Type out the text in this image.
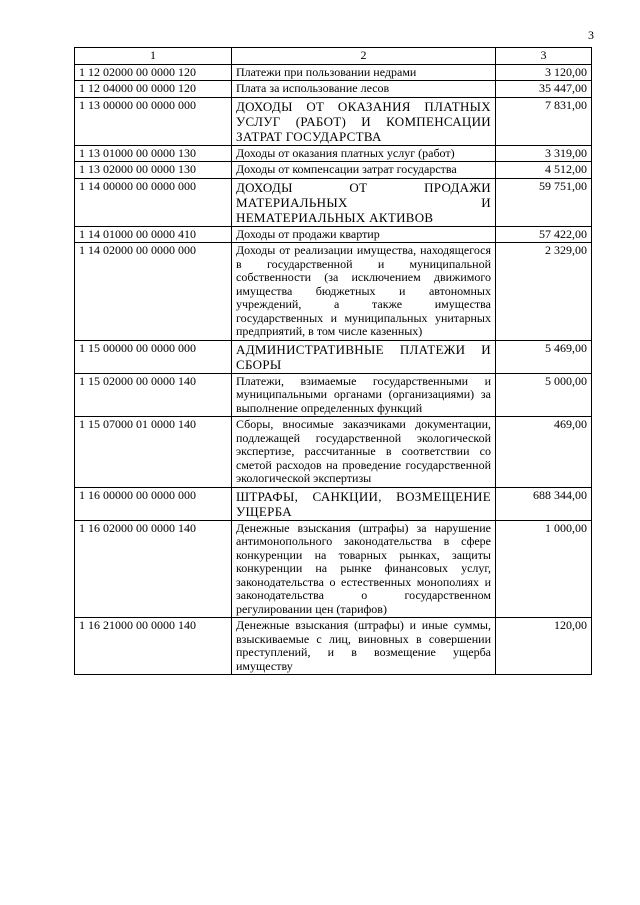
3
1	2	3
1 12 02000 00 0000 120	Платежи при пользовании недрами	3 120,00
1 12 04000 00 0000 120	Плата за использование лесов	35 447,00
1 13 00000 00 0000 000	ДОХОДЫ ОТ ОКАЗАНИЯ ПЛАТНЫХ УСЛУГ (РАБОТ) И КОМПЕНСАЦИИ ЗАТРАТ ГОСУДАРСТВА	7 831,00
1 13 01000 00 0000 130	Доходы от оказания платных услуг (работ)	3 319,00
1 13 02000 00 0000 130	Доходы от компенсации затрат государства	4 512,00
1 14 00000 00 0000 000	ДОХОДЫ ОТ ПРОДАЖИ МАТЕРИАЛЬНЫХ И НЕМАТЕРИАЛЬНЫХ АКТИВОВ	59 751,00
1 14 01000 00 0000 410	Доходы от продажи квартир	57 422,00
1 14 02000 00 0000 000	Доходы от реализации имущества, находящегося в государственной и муниципальной собственности (за исключением движимого имущества бюджетных и автономных учреждений, а также имущества государственных и муниципальных унитарных предприятий, в том числе казенных)	2 329,00
1 15 00000 00 0000 000	АДМИНИСТРАТИВНЫЕ ПЛАТЕЖИ И СБОРЫ	5 469,00
1 15 02000 00 0000 140	Платежи, взимаемые государственными и муниципальными органами (организациями) за выполнение определенных функций	5 000,00
1 15 07000 01 0000 140	Сборы, вносимые заказчиками документации, подлежащей государственной экологической экспертизе, рассчитанные в соответствии со сметой расходов на проведение государственной экологической экспертизы	469,00
1 16 00000 00 0000 000	ШТРАФЫ, САНКЦИИ, ВОЗМЕЩЕНИЕ УЩЕРБА	688 344,00
1 16 02000 00 0000 140	Денежные взыскания (штрафы) за нарушение антимонопольного законодательства в сфере конкуренции на товарных рынках, защиты конкуренции на рынке финансовых услуг, законодательства о естественных монополиях и законодательства о государственном регулировании цен (тарифов)	1 000,00
1 16 21000 00 0000 140	Денежные взыскания (штрафы) и иные суммы, взыскиваемые с лиц, виновных в совершении преступлений, и в возмещение ущерба имуществу	120,00
